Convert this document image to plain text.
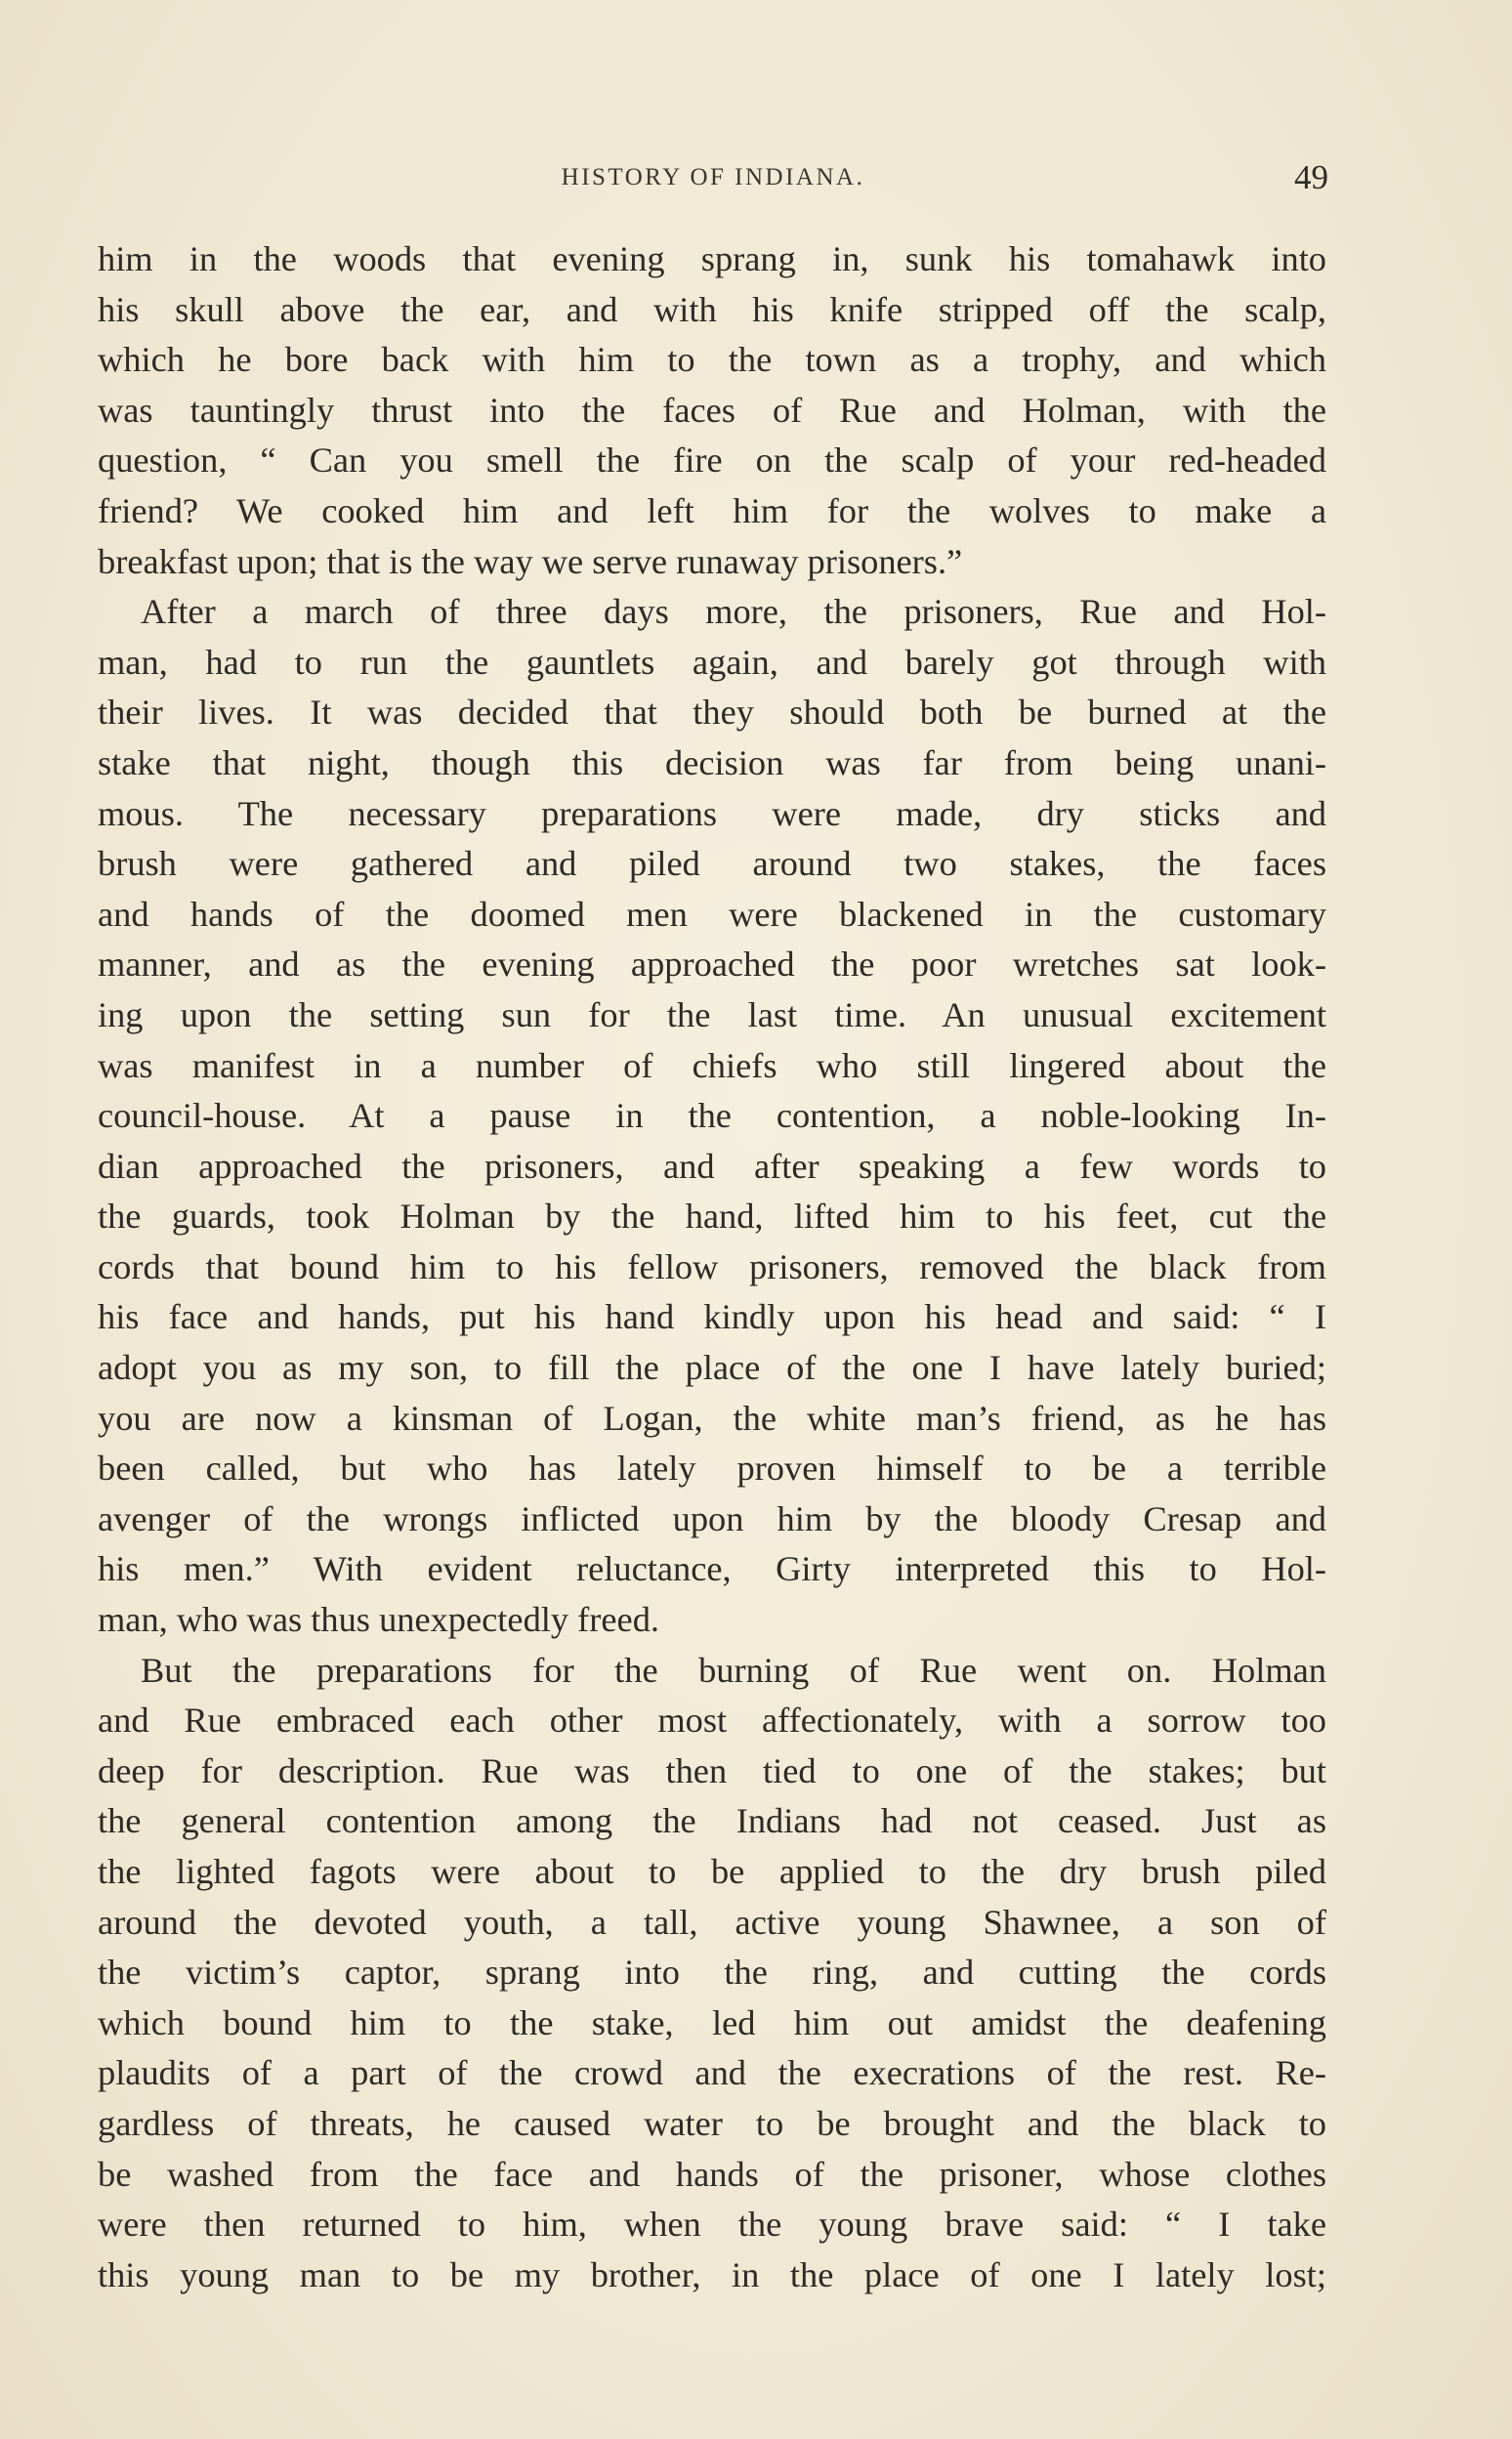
HISTORY OF INDIANA.	49
him in the woods that evening sprang in, sunk his tomahawk into
his skull above the ear, and with his knife stripped off the scalp,
which he bore back with him to the town as a trophy, and which
was tauntingly thrust into the faces of Rue and Holman, with the
question, “ Can you smell the fire on the scalp of your red-headed
friend? We cooked him and left him for the wolves to make a
breakfast upon; that is the way we serve runaway prisoners.”
After a march of three days more, the prisoners, Rue and Hol-
man, had to run the gauntlets again, and barely got through with
their lives. It was decided that they should both be burned at the
stake that night, though this decision was far from being unani-
mous. The necessary preparations were made, dry sticks and
brush were gathered and piled around two stakes, the faces
and hands of the doomed men were blackened in the customary
manner, and as the evening approached the poor wretches sat look-
ing upon the setting sun for the last time. An unusual excitement
was manifest in a number of chiefs who still lingered about the
council-house. At a pause in the contention, a noble-looking In-
dian approached the prisoners, and after speaking a few words to
the guards, took Holman by the hand, lifted him to his feet, cut the
cords that bound him to his fellow prisoners, removed the black from
his face and hands, put his hand kindly upon his head and said: “ I
adopt you as my son, to fill the place of the one I have lately buried;
you are now a kinsman of Logan, the white man’s friend, as he has
been called, but who has lately proven himself to be a terrible
avenger of the wrongs inflicted upon him by the bloody Cresap and
his men.” With evident reluctance, Girty interpreted this to Hol-
man, who was thus unexpectedly freed.
But the preparations for the burning of Rue went on. Holman
and Rue embraced each other most affectionately, with a sorrow too
deep for description. Rue was then tied to one of the stakes; but
the general contention among the Indians had not ceased. Just as
the lighted fagots were about to be applied to the dry brush piled
around the devoted youth, a tall, active young Shawnee, a son of
the victim’s captor, sprang into the ring, and cutting the cords
which bound him to the stake, led him out amidst the deafening
plaudits of a part of the crowd and the execrations of the rest. Re-
gardless of threats, he caused water to be brought and the black to
be washed from the face and hands of the prisoner, whose clothes
were then returned to him, when the young brave said: “ I take
this young man to be my brother, in the place of one I lately lost;
